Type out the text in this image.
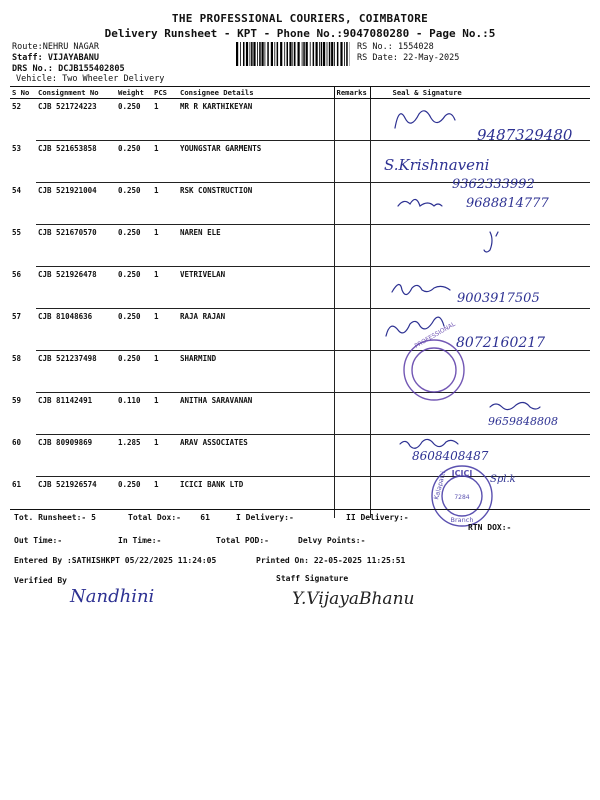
THE PROFESSIONAL COURIERS, COIMBATORE
Delivery Runsheet - KPT - Phone No.:9047080280 - Page No.:5
Route:NEHRU NAGAR
Staff: VIJAYABANU
DRS No.: DCJB155402805
Vehicle: Two Wheeler Delivery
RS No.: 1554028
RS Date: 22-May-2025
S No	Consignment No	Weight	PCS	Consignee Details	Remarks	Seal & Signature
52	CJB 521724223	0.250	1	MR R KARTHIKEYAN		
53	CJB 521653858	0.250	1	YOUNGSTAR GARMENTS		
54	CJB 521921004	0.250	1	RSK CONSTRUCTION		
55	CJB 521670570	0.250	1	NAREN ELE		
56	CJB 521926478	0.250	1	VETRIVELAN		
57	CJB 81048636	0.250	1	RAJA RAJAN		
58	CJB 521237498	0.250	1	SHARMIND		
59	CJB 81142491	0.110	1	ANITHA SARAVANAN		
60	CJB 80909869	1.285	1	ARAV ASSOCIATES		
61	CJB 521926574	0.250	1	ICICI BANK LTD		
9487329480
S.Krishnaveni
9362333992
9688814777
9003917505
8072160217
9659848808
8608408487
Spl.k
PROFESSIONAL
ICICI
Kalapatti
Branch
7284
Nandhini	Y.VijayaBhanu
Tot. Runsheet:- 5	Total Dox:- 61	I Delivery:-	II Delivery:-
RTN DOX:-
Out Time:-	In Time:-	Total POD:-	Delvy Points:-
Entered By :SATHISHKPT 05/22/2025 11:24:05	Printed On: 22-05-2025 11:25:51
Verified By	Staff Signature
